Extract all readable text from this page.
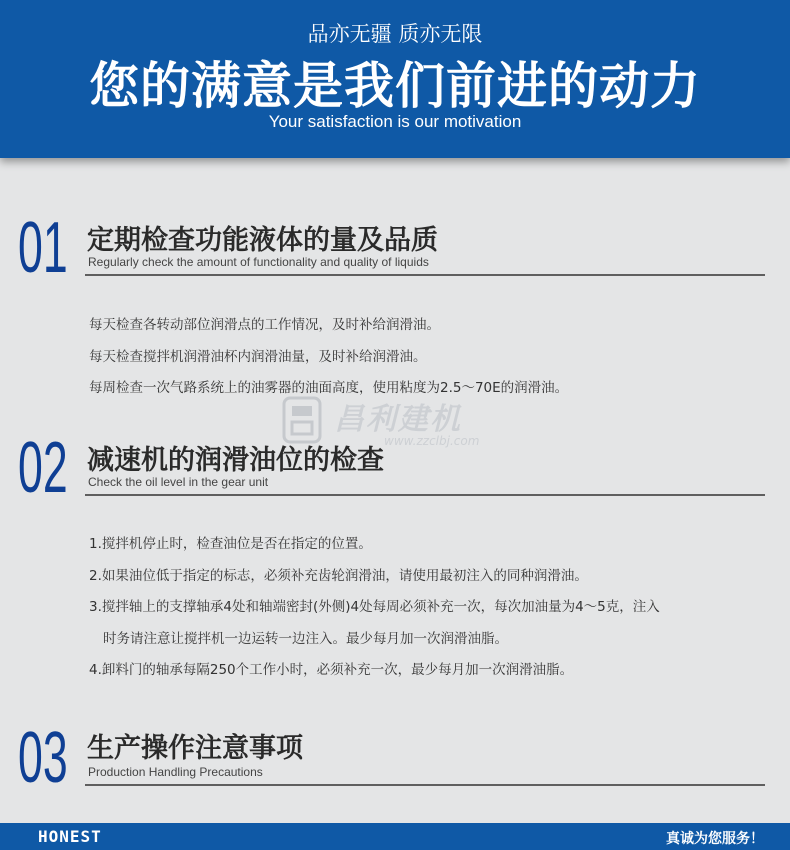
品亦无疆 质亦无限
您的满意是我们前进的动力
Your satisfaction is our motivation
01 定期检查功能液体的量及品质
Regularly check the amount of functionality and quality of liquids
每天检查各转动部位润滑点的工作情况，及时补给润滑油。
每天检查搅拌机润滑油杯内润滑油量，及时补给润滑油。
每周检查一次气路系统上的油雾器的油面高度，使用粘度为2.5～70E的润滑油。
昌利建机
www.zzclbj.com
02 减速机的润滑油位的检查
Check the oil level in the gear unit
1.搅拌机停止时，检查油位是否在指定的位置。
2.如果油位低于指定的标志，必须补充齿轮润滑油，请使用最初注入的同种润滑油。
3.搅拌轴上的支撑轴承4处和轴端密封(外侧)4处每周必须补充一次，每次加油量为4～5克，注入
时务请注意让搅拌机一边运转一边注入。最少每月加一次润滑油脂。
4.卸料门的轴承每隔250个工作小时，必须补充一次，最少每月加一次润滑油脂。
03 生产操作注意事项
Production Handling Precautions
HONEST	真诚为您服务！
